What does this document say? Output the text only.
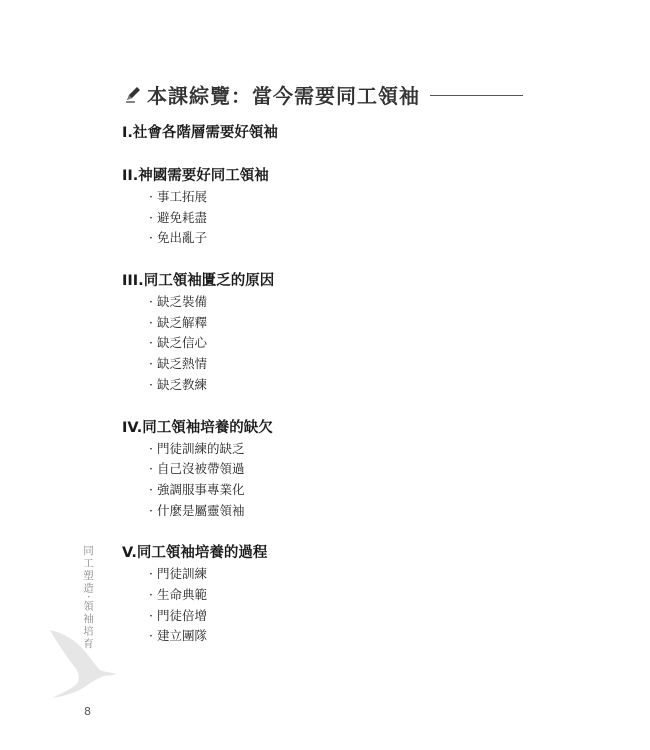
本課綜覽：當今需要同工領袖
I.社會各階層需要好領袖
II.神國需要好同工領袖
· 事工拓展
· 避免耗盡
· 免出亂子
III.同工領袖匱乏的原因
· 缺乏裝備
· 缺乏解釋
· 缺乏信心
· 缺乏熱情
· 缺乏教練
IV.同工領袖培養的缺欠
· 門徒訓練的缺乏
· 自己沒被帶領過
· 強調服事專業化
· 什麼是屬靈領袖
V.同工領袖培養的過程
· 門徒訓練
· 生命典範
· 門徒倍增
· 建立團隊
同工塑造·領袖培育
8
